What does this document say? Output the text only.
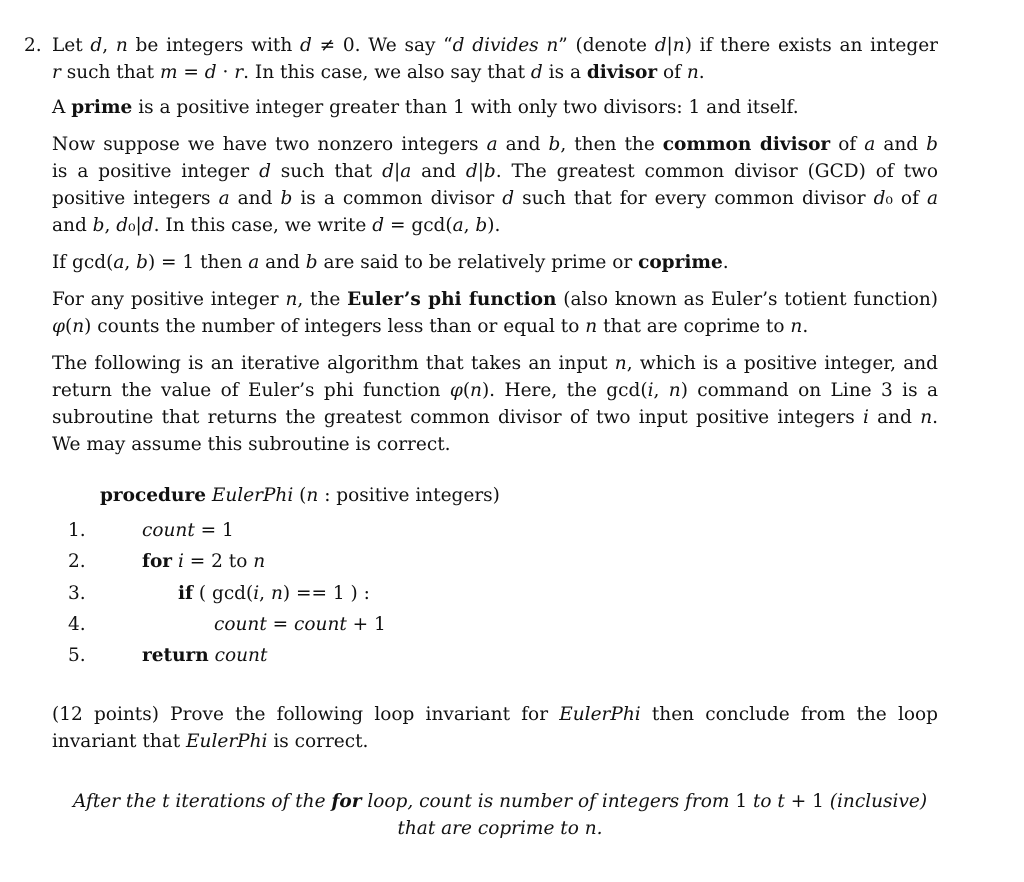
2. Let d, n be integers with d ≠ 0. We say “d divides n” (denote d|n) if there exists an integer
r such that m = d · r. In this case, we also say that d is a divisor of n.
A prime is a positive integer greater than 1 with only two divisors: 1 and itself.
Now suppose we have two nonzero integers a and b, then the common divisor of a and b
is a positive integer d such that d|a and d|b. The greatest common divisor (GCD) of two
positive integers a and b is a common divisor d such that for every common divisor d₀ of a
and b, d₀|d. In this case, we write d = gcd(a, b).
If gcd(a, b) = 1 then a and b are said to be relatively prime or coprime.
For any positive integer n, the Euler’s phi function (also known as Euler’s totient function)
φ(n) counts the number of integers less than or equal to n that are coprime to n.
The following is an iterative algorithm that takes an input n, which is a positive integer, and
return the value of Euler’s phi function φ(n). Here, the gcd(i, n) command on Line 3 is a
subroutine that returns the greatest common divisor of two input positive integers i and n.
We may assume this subroutine is correct.
procedure EulerPhi (n : positive integers)
1.	count = 1
2.	for i = 2 to n
3.	if ( gcd(i, n) == 1 ) :
4.	count = count + 1
5.	return count
(12 points) Prove the following loop invariant for EulerPhi then conclude from the loop
invariant that EulerPhi is correct.
After the t iterations of the for loop, count is number of integers from 1 to t + 1 (inclusive)
that are coprime to n.
